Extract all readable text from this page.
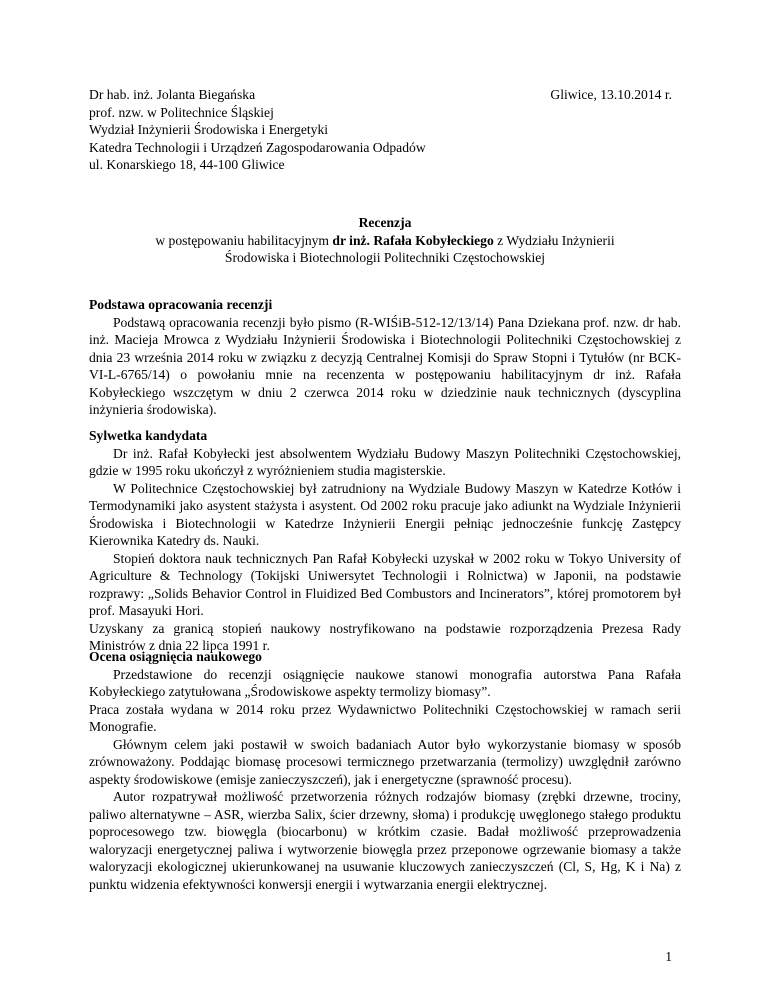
Dr hab. inż. Jolanta Biegańska
prof. nzw. w Politechnice Śląskiej
Wydział Inżynierii Środowiska i Energetyki
Katedra Technologii i Urządzeń Zagospodarowania Odpadów
ul. Konarskiego 18, 44-100 Gliwice
Gliwice, 13.10.2014 r.
Recenzja
w postępowaniu habilitacyjnym dr inż. Rafała Kobyłeckiego z Wydziału Inżynierii
Środowiska i Biotechnologii Politechniki Częstochowskiej
Podstawa opracowania recenzji

Podstawą opracowania recenzji było pismo (R-WIŚiB-512-12/13/14) Pana Dziekana prof. nzw. dr hab. inż. Macieja Mrowca z Wydziału Inżynierii Środowiska i Biotechnologii Politechniki Częstochowskiej z dnia 23 września 2014 roku w związku z decyzją Centralnej Komisji do Spraw Stopni i Tytułów (nr BCK-VI-L-6765/14) o powołaniu mnie na recenzenta w postępowaniu habilitacyjnym dr inż. Rafała Kobyłeckiego wszczętym w dniu 2 czerwca 2014 roku w dziedzinie nauk technicznych (dyscyplina inżynieria środowiska).

Sylwetka kandydata

Dr inż. Rafał Kobyłecki jest absolwentem Wydziału Budowy Maszyn Politechniki Częstochowskiej, gdzie w 1995 roku ukończył z wyróżnieniem studia magisterskie.

W Politechnice Częstochowskiej był zatrudniony na Wydziale Budowy Maszyn w Katedrze Kotłów i Termodynamiki jako asystent stażysta i asystent. Od 2002 roku pracuje jako adiunkt na Wydziale Inżynierii Środowiska i Biotechnologii w Katedrze Inżynierii Energii pełniąc jednocześnie funkcję Zastępcy Kierownika Katedry ds. Nauki.

Stopień doktora nauk technicznych Pan Rafał Kobyłecki uzyskał w 2002 roku w Tokyo University of Agriculture & Technology (Tokijski Uniwersytet Technologii i Rolnictwa) w Japonii, na podstawie rozprawy: „Solids Behavior Control in Fluidized Bed Combustors and Incinerators”, której promotorem był prof. Masayuki Hori.

Uzyskany za granicą stopień naukowy nostryfikowano na podstawie rozporządzenia Prezesa Rady Ministrów z dnia 22 lipca 1991 r.

Ocena osiągnięcia naukowego

Przedstawione do recenzji osiągnięcie naukowe stanowi monografia autorstwa Pana Rafała Kobyłeckiego zatytułowana „Środowiskowe aspekty termolizy biomasy”.

Praca została wydana w 2014 roku przez Wydawnictwo Politechniki Częstochowskiej w ramach serii Monografie.

Głównym celem jaki postawił w swoich badaniach Autor było wykorzystanie biomasy w sposób zrównoważony. Poddając biomasę procesowi termicznego przetwarzania (termolizy) uwzględnił zarówno aspekty środowiskowe (emisje zanieczyszczeń), jak i energetyczne (sprawność procesu).

Autor rozpatrywał możliwość przetworzenia różnych rodzajów biomasy (zrębki drzewne, trociny, paliwo alternatywne – ASR, wierzba Salix, ścier drzewny, słoma) i produkcję uwęglonego stałego produktu poprocesowego tzw. biowęgla (biocarbonu) w krótkim czasie. Badał możliwość przeprowadzenia waloryzacji energetycznej paliwa i wytworzenie biowęgla przez przeponowe ogrzewanie biomasy a także waloryzacji ekologicznej ukierunkowanej na usuwanie kluczowych zanieczyszczeń (Cl, S, Hg, K i Na) z punktu widzenia efektywności konwersji energii i wytwarzania energii elektrycznej.

1
